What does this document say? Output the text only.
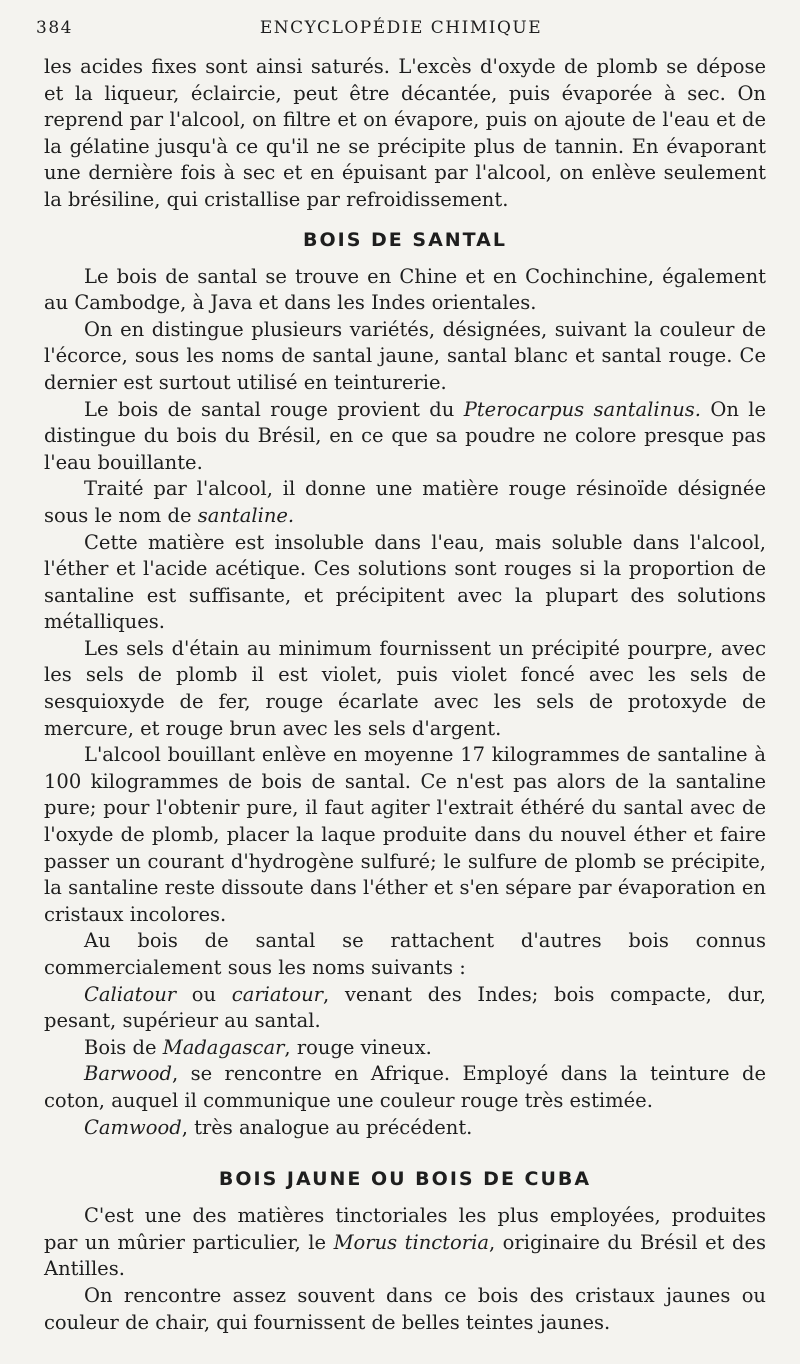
384	ENCYCLOPÉDIE CHIMIQUE

les acides fixes sont ainsi saturés. L'excès d'oxyde de plomb se dépose et la liqueur, éclaircie, peut être décantée, puis évaporée à sec. On reprend par l'alcool, on filtre et on évapore, puis on ajoute de l'eau et de la gélatine jusqu'à ce qu'il ne se précipite plus de tannin. En évaporant une dernière fois à sec et en épuisant par l'alcool, on enlève seulement la brésiline, qui cristallise par refroidissement.

BOIS DE SANTAL

Le bois de santal se trouve en Chine et en Cochinchine, également au Cambodge, à Java et dans les Indes orientales.

On en distingue plusieurs variétés, désignées, suivant la couleur de l'écorce, sous les noms de santal jaune, santal blanc et santal rouge. Ce dernier est surtout utilisé en teinturerie.

Le bois de santal rouge provient du Pterocarpus santalinus. On le distingue du bois du Brésil, en ce que sa poudre ne colore presque pas l'eau bouillante.

Traité par l'alcool, il donne une matière rouge résinoïde désignée sous le nom de santaline.

Cette matière est insoluble dans l'eau, mais soluble dans l'alcool, l'éther et l'acide acétique. Ces solutions sont rouges si la proportion de santaline est suffisante, et précipitent avec la plupart des solutions métalliques.

Les sels d'étain au minimum fournissent un précipité pourpre, avec les sels de plomb il est violet, puis violet foncé avec les sels de sesquioxyde de fer, rouge écarlate avec les sels de protoxyde de mercure, et rouge brun avec les sels d'argent.

L'alcool bouillant enlève en moyenne 17 kilogrammes de santaline à 100 kilogrammes de bois de santal. Ce n'est pas alors de la santaline pure; pour l'obtenir pure, il faut agiter l'extrait éthéré du santal avec de l'oxyde de plomb, placer la laque produite dans du nouvel éther et faire passer un courant d'hydrogène sulfuré; le sulfure de plomb se précipite, la santaline reste dissoute dans l'éther et s'en sépare par évaporation en cristaux incolores.

Au bois de santal se rattachent d'autres bois connus commercialement sous les noms suivants :

Caliatour ou cariatour, venant des Indes; bois compacte, dur, pesant, supérieur au santal.

Bois de Madagascar, rouge vineux.

Barwood, se rencontre en Afrique. Employé dans la teinture de coton, auquel il communique une couleur rouge très estimée.

Camwood, très analogue au précédent.

BOIS JAUNE OU BOIS DE CUBA

C'est une des matières tinctoriales les plus employées, produites par un mûrier particulier, le Morus tinctoria, originaire du Brésil et des Antilles.

On rencontre assez souvent dans ce bois des cristaux jaunes ou couleur de chair, qui fournissent de belles teintes jaunes.
